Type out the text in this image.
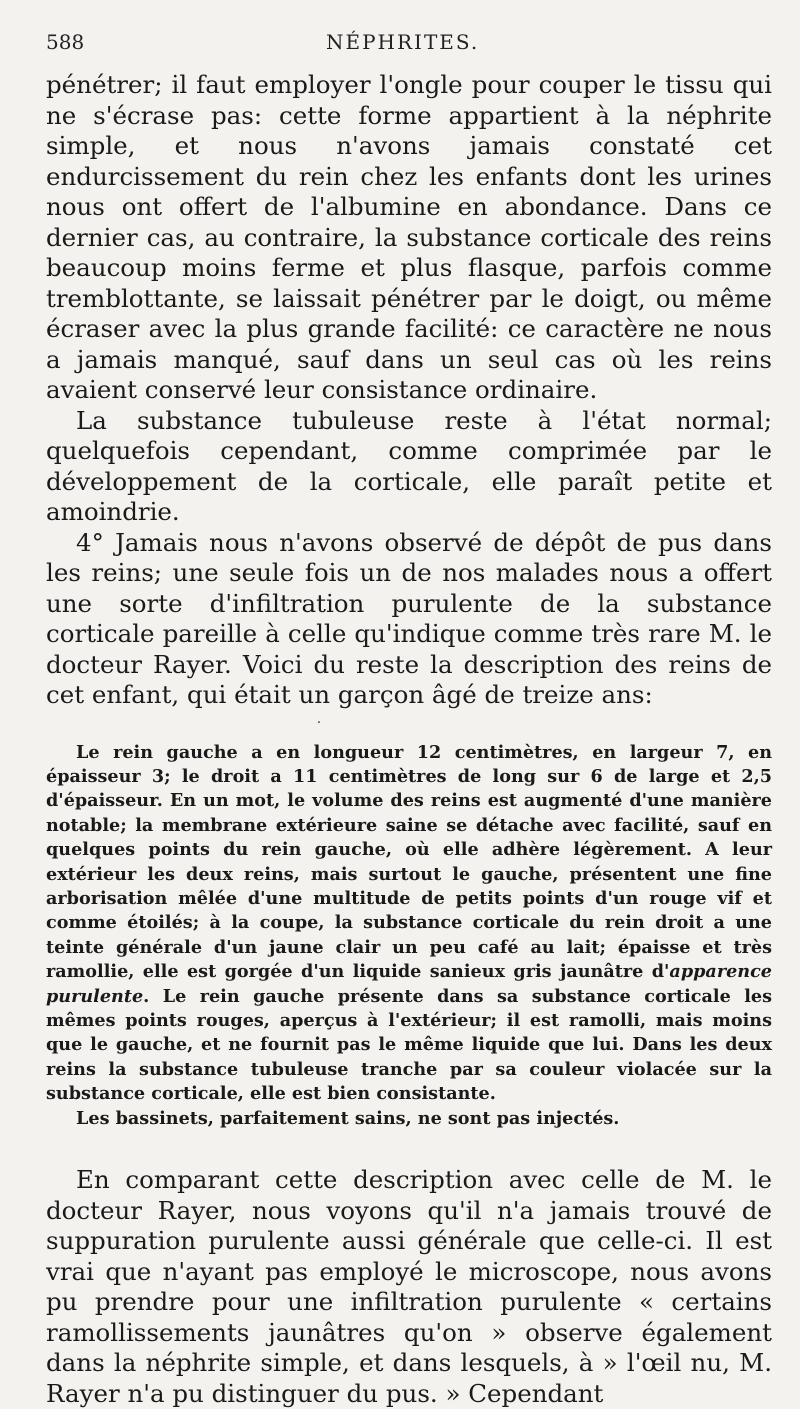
588	NÉPHRITES.

pénétrer; il faut employer l'ongle pour couper le tissu qui ne s'écrase pas: cette forme appartient à la néphrite simple, et nous n'avons jamais constaté cet endurcissement du rein chez les enfants dont les urines nous ont offert de l'albumine en abondance. Dans ce dernier cas, au contraire, la substance corticale des reins beaucoup moins ferme et plus flasque, parfois comme tremblottante, se laissait pénétrer par le doigt, ou même écraser avec la plus grande facilité: ce caractère ne nous a jamais manqué, sauf dans un seul cas où les reins avaient conservé leur consistance ordinaire.

La substance tubuleuse reste à l'état normal; quelquefois cependant, comme comprimée par le développement de la corticale, elle paraît petite et amoindrie.

4° Jamais nous n'avons observé de dépôt de pus dans les reins; une seule fois un de nos malades nous a offert une sorte d'infiltration purulente de la substance corticale pareille à celle qu'indique comme très rare M. le docteur Rayer. Voici du reste la description des reins de cet enfant, qui était un garçon âgé de treize ans:

·

Le rein gauche a en longueur 12 centimètres, en largeur 7, en épaisseur 3; le droit a 11 centimètres de long sur 6 de large et 2,5 d'épaisseur. En un mot, le volume des reins est augmenté d'une manière notable; la membrane extérieure saine se détache avec facilité, sauf en quelques points du rein gauche, où elle adhère légèrement. A leur extérieur les deux reins, mais surtout le gauche, présentent une fine arborisation mêlée d'une multitude de petits points d'un rouge vif et comme étoilés; à la coupe, la substance corticale du rein droit a une teinte générale d'un jaune clair un peu café au lait; épaisse et très ramollie, elle est gorgée d'un liquide sanieux gris jaunâtre d'apparence purulente. Le rein gauche présente dans sa substance corticale les mêmes points rouges, aperçus à l'extérieur; il est ramolli, mais moins que le gauche, et ne fournit pas le même liquide que lui. Dans les deux reins la substance tubuleuse tranche par sa couleur violacée sur la substance corticale, elle est bien consistante.

Les bassinets, parfaitement sains, ne sont pas injectés.

En comparant cette description avec celle de M. le docteur Rayer, nous voyons qu'il n'a jamais trouvé de suppuration purulente aussi générale que celle-ci. Il est vrai que n'ayant pas employé le microscope, nous avons pu prendre pour une infiltration purulente « certains ramollissements jaunâtres qu'on » observe également dans la néphrite simple, et dans lesquels, à » l'œil nu, M. Rayer n'a pu distinguer du pus. » Cependant
